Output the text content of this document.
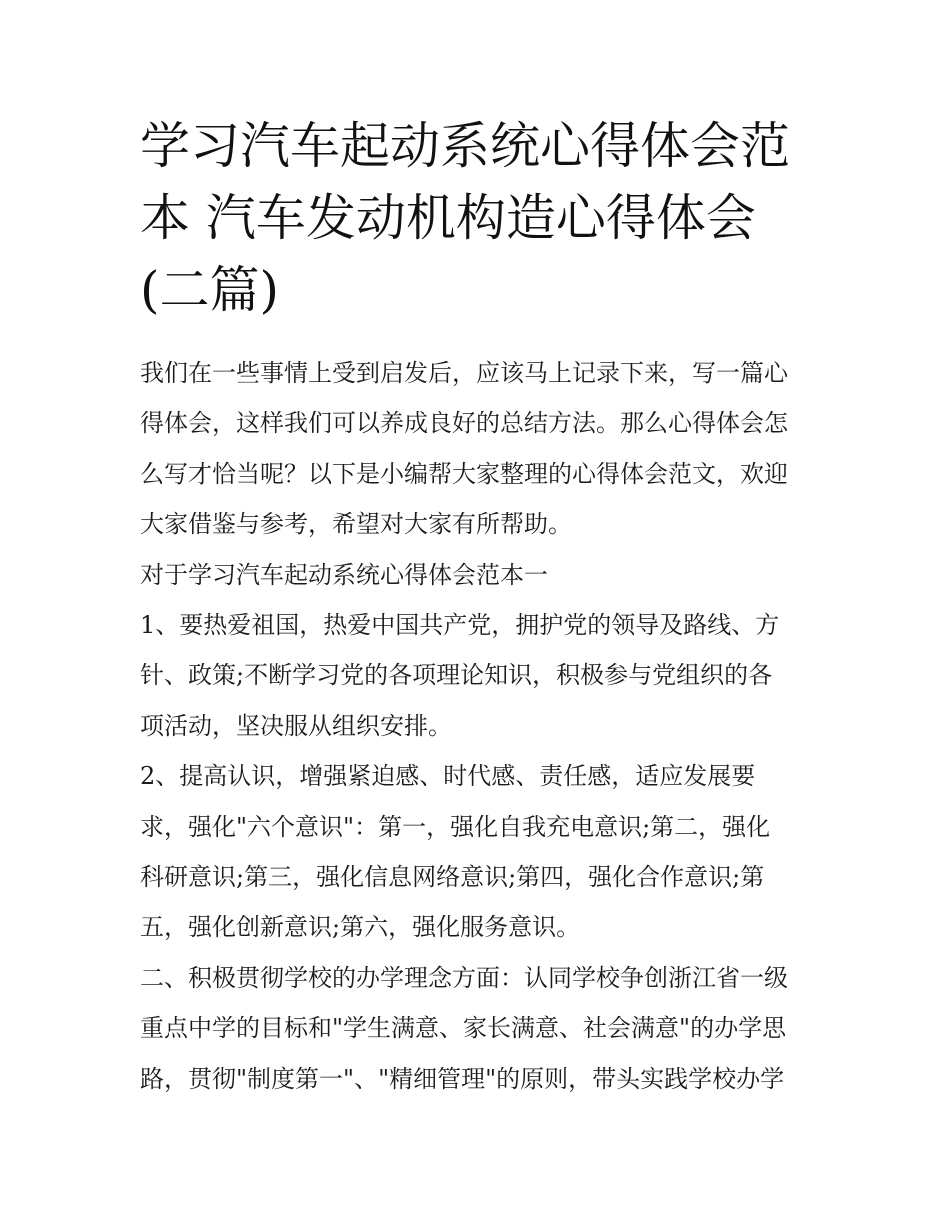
学习汽车起动系统心得体会范
本 汽车发动机构造心得体会
(二篇)

我们在一些事情上受到启发后，应该马上记录下来，写一篇心
得体会，这样我们可以养成良好的总结方法。那么心得体会怎
么写才恰当呢？以下是小编帮大家整理的心得体会范文，欢迎
大家借鉴与参考，希望对大家有所帮助。

对于学习汽车起动系统心得体会范本一

1、要热爱祖国，热爱中国共产党，拥护党的领导及路线、方
针、政策;不断学习党的各项理论知识，积极参与党组织的各
项活动，坚决服从组织安排。

2、提高认识，增强紧迫感、时代感、责任感，适应发展要
求，强化"六个意识"：第一，强化自我充电意识;第二，强化
科研意识;第三，强化信息网络意识;第四，强化合作意识;第
五，强化创新意识;第六，强化服务意识。

二、积极贯彻学校的办学理念方面：认同学校争创浙江省一级
重点中学的目标和"学生满意、家长满意、社会满意"的办学思
路，贯彻"制度第一"、"精细管理"的原则，带头实践学校办学
